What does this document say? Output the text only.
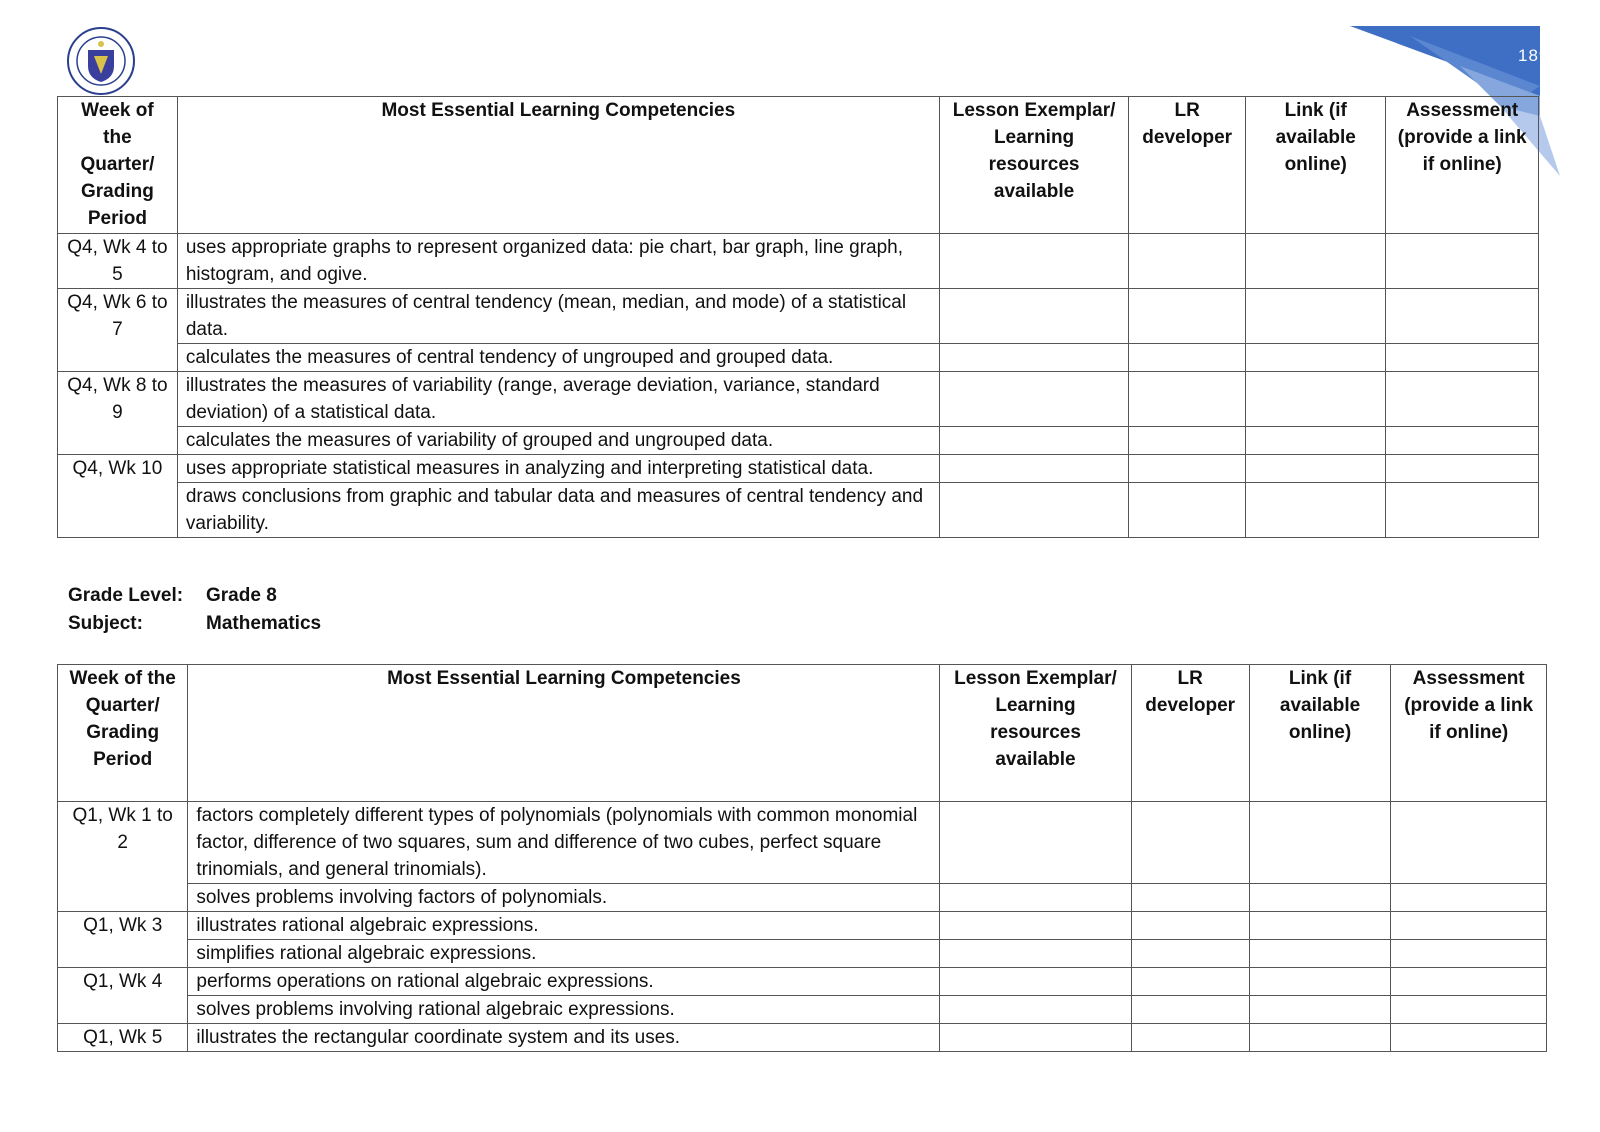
189
Week of the Quarter/ Grading Period	Most Essential Learning Competencies	Lesson Exemplar/ Learning resources available	LR developer	Link (if available online)	Assessment (provide a link if online)
Q4, Wk 4 to 5	uses appropriate graphs to represent organized data: pie chart, bar graph, line graph, histogram, and ogive.				
Q4, Wk 6 to 7	illustrates the measures of central tendency (mean, median, and mode) of a statistical data.				
	calculates the measures of central tendency of ungrouped and grouped data.				
Q4, Wk 8 to 9	illustrates the measures of variability (range, average deviation, variance, standard deviation) of a statistical data.				
	calculates the measures of variability of grouped and ungrouped data.				
Q4, Wk 10	uses appropriate statistical measures in analyzing and interpreting statistical data.				
	draws conclusions from graphic and tabular data and measures of central tendency and variability.				
Grade Level:	Grade 8
Subject:	Mathematics
Week of the Quarter/ Grading Period	Most Essential Learning Competencies	Lesson Exemplar/ Learning resources available	LR developer	Link (if available online)	Assessment (provide a link if online)
Q1, Wk 1 to 2	factors completely different types of polynomials (polynomials with common monomial factor, difference of two squares, sum and difference of two cubes, perfect square trinomials, and general trinomials).				
	solves problems involving factors of polynomials.				
Q1, Wk 3	illustrates rational algebraic expressions.				
	simplifies rational algebraic expressions.				
Q1, Wk 4	performs operations on rational algebraic expressions.				
	solves problems involving rational algebraic expressions.				
Q1, Wk 5	illustrates the rectangular coordinate system and its uses.				
